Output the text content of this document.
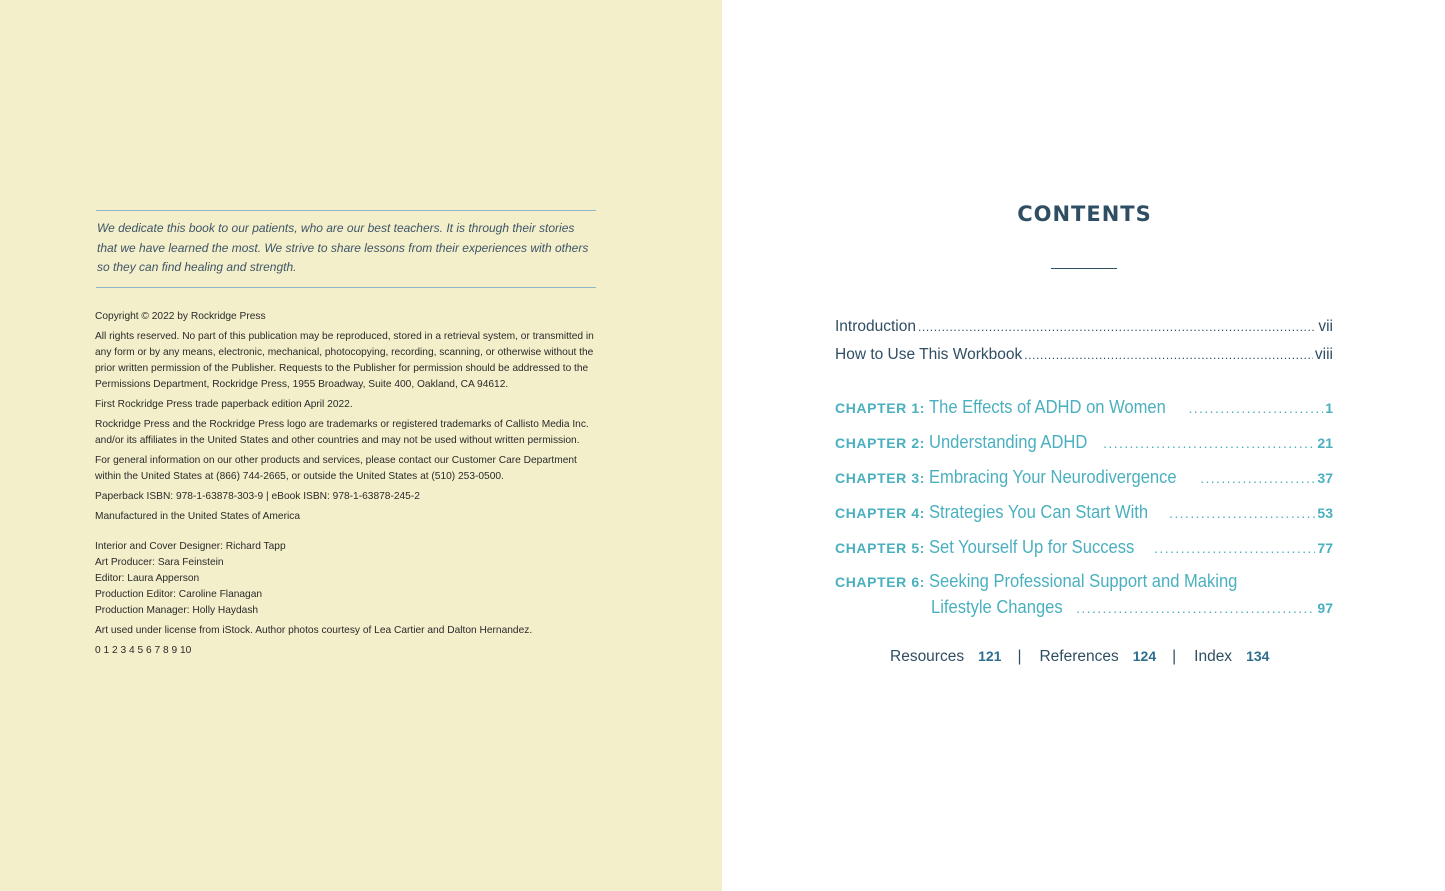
We dedicate this book to our patients, who are our best teachers. It is through their stories that we have learned the most. We strive to share lessons from their experiences with others so they can find healing and strength.

Copyright © 2022 by Rockridge Press

All rights reserved. No part of this publication may be reproduced, stored in a retrieval system, or transmitted in any form or by any means, electronic, mechanical, photocopying, recording, scanning, or otherwise without the prior written permission of the Publisher. Requests to the Publisher for permission should be addressed to the Permissions Department, Rockridge Press, 1955 Broadway, Suite 400, Oakland, CA 94612.

First Rockridge Press trade paperback edition April 2022.

Rockridge Press and the Rockridge Press logo are trademarks or registered trademarks of Callisto Media Inc. and/or its affiliates in the United States and other countries and may not be used without written permission.

For general information on our other products and services, please contact our Customer Care Department within the United States at (866) 744-2665, or outside the United States at (510) 253-0500.

Paperback ISBN: 978-1-63878-303-9 | eBook ISBN: 978-1-63878-245-2

Manufactured in the United States of America

Interior and Cover Designer: Richard Tapp

Art Producer: Sara Feinstein

Editor: Laura Apperson

Production Editor: Caroline Flanagan

Production Manager: Holly Haydash

Art used under license from iStock. Author photos courtesy of Lea Cartier and Dalton Hernandez.

0 1 2 3 4 5 6 7 8 9 10

CONTENTS
Introduction .....	vii
How to Use This Workbook .....	viii
CHAPTER 1: The Effects of ADHD on Women .....	1
CHAPTER 2: Understanding ADHD .....	21
CHAPTER 3: Embracing Your Neurodivergence .....	37
CHAPTER 4: Strategies You Can Start With .....	53
CHAPTER 5: Set Yourself Up for Success .....	77
CHAPTER 6: Seeking Professional Support and Making
Lifestyle Changes .....	97
Resources 121 | References 124 | Index 134
